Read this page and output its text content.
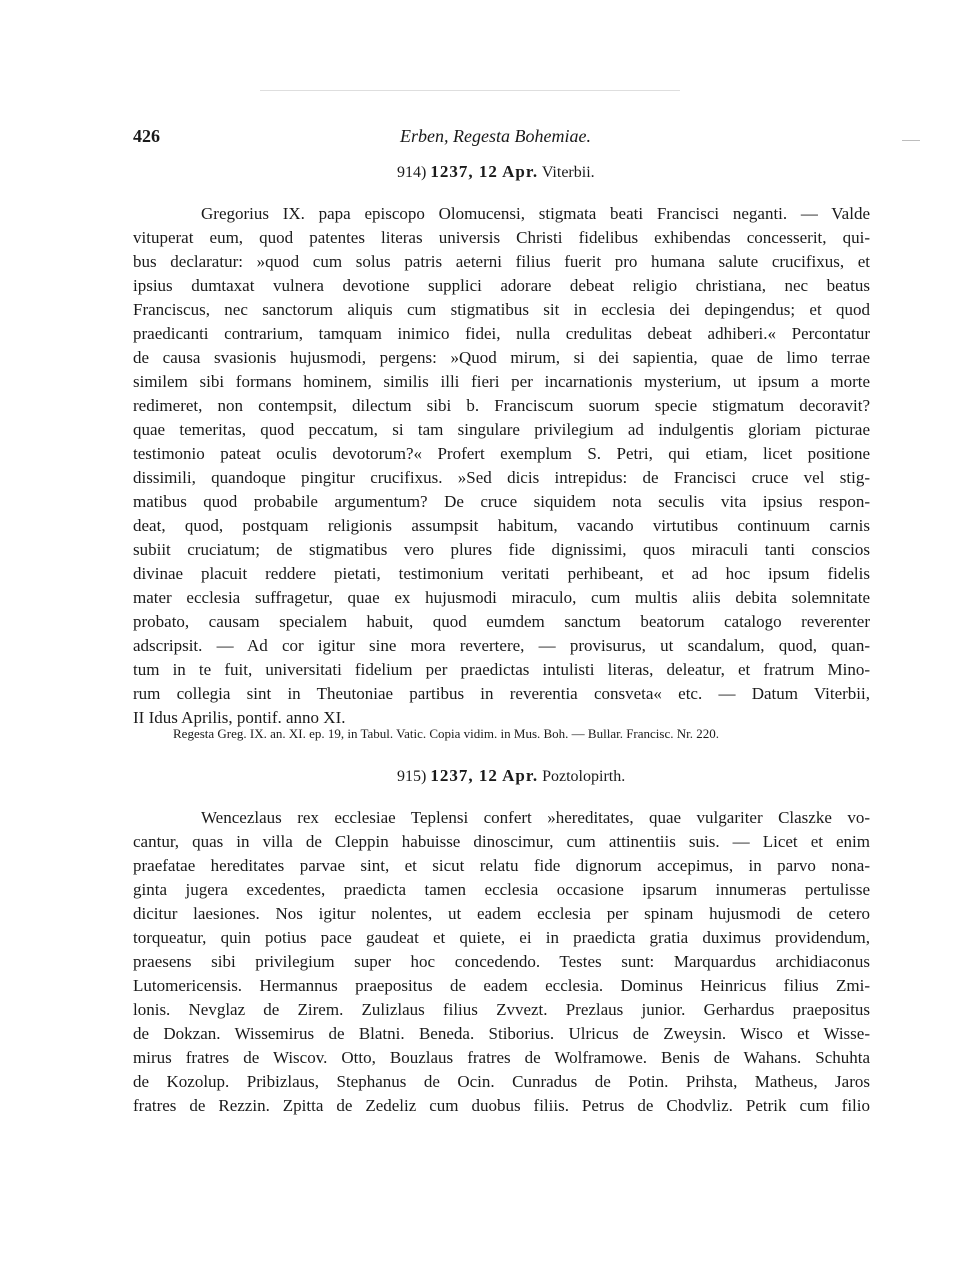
426	Erben, Regesta Bohemiae.
914) 1237, 12 Apr. Viterbii.
Gregorius IX. papa episcopo Olomucensi, stigmata beati Francisci neganti. — Valde
vituperat eum, quod patentes literas universis Christi fidelibus exhibendas concesserit, qui-
bus declaratur: »quod cum solus patris aeterni filius fuerit pro humana salute crucifixus, et
ipsius dumtaxat vulnera devotione supplici adorare debeat religio christiana, nec beatus
Franciscus, nec sanctorum aliquis cum stigmatibus sit in ecclesia dei depingendus; et quod
praedicanti contrarium, tamquam inimico fidei, nulla credulitas debeat adhiberi.« Percontatur
de causa svasionis hujusmodi, pergens: »Quod mirum, si dei sapientia, quae de limo terrae
similem sibi formans hominem, similis illi fieri per incarnationis mysterium, ut ipsum a morte
redimeret, non contempsit, dilectum sibi b. Franciscum suorum specie stigmatum decoravit?
quae temeritas, quod peccatum, si tam singulare privilegium ad indulgentis gloriam picturae
testimonio pateat oculis devotorum?« Profert exemplum S. Petri, qui etiam, licet positione
dissimili, quandoque pingitur crucifixus. »Sed dicis intrepidus: de Francisci cruce vel stig-
matibus quod probabile argumentum? De cruce siquidem nota seculis vita ipsius respon-
deat, quod, postquam religionis assumpsit habitum, vacando virtutibus continuum carnis
subiit cruciatum; de stigmatibus vero plures fide dignissimi, quos miraculi tanti conscios
divinae placuit reddere pietati, testimonium veritati perhibeant, et ad hoc ipsum fidelis
mater ecclesia suffragetur, quae ex hujusmodi miraculo, cum multis aliis debita solemnitate
probato, causam specialem habuit, quod eumdem sanctum beatorum catalogo reverenter
adscripsit. — Ad cor igitur sine mora revertere, — provisurus, ut scandalum, quod, quan-
tum in te fuit, universitati fidelium per praedictas intulisti literas, deleatur, et fratrum Mino-
rum collegia sint in Theutoniae partibus in reverentia consveta« etc. — Datum Viterbii,
II Idus Aprilis, pontif. anno XI.
Regesta Greg. IX. an. XI. ep. 19, in Tabul. Vatic. Copia vidim. in Mus. Boh. — Bullar. Francisc. Nr. 220.
915) 1237, 12 Apr. Poztolopirth.
Wencezlaus rex ecclesiae Teplensi confert »hereditates, quae vulgariter Claszke vo-
cantur, quas in villa de Cleppin habuisse dinoscimur, cum attinentiis suis. — Licet et enim
praefatae hereditates parvae sint, et sicut relatu fide dignorum accepimus, in parvo nona-
ginta jugera excedentes, praedicta tamen ecclesia occasione ipsarum innumeras pertulisse
dicitur laesiones. Nos igitur nolentes, ut eadem ecclesia per spinam hujusmodi de cetero
torqueatur, quin potius pace gaudeat et quiete, ei in praedicta gratia duximus providendum,
praesens sibi privilegium super hoc concedendo. Testes sunt: Marquardus archidiaconus
Lutomericensis. Hermannus praepositus de eadem ecclesia. Dominus Heinricus filius Zmi-
lonis. Nevglaz de Zirem. Zulizlaus filius Zvvezt. Prezlaus junior. Gerhardus praepositus
de Dokzan. Wissemirus de Blatni. Beneda. Stiborius. Ulricus de Zweysin. Wisco et Wisse-
mirus fratres de Wiscov. Otto, Bouzlaus fratres de Wolframowe. Benis de Wahans. Schuhta
de Kozolup. Pribizlaus, Stephanus de Ocin. Cunradus de Potin. Prihsta, Matheus, Jaros
fratres de Rezzin. Zpitta de Zedeliz cum duobus filiis. Petrus de Chodvliz. Petrik cum filio
